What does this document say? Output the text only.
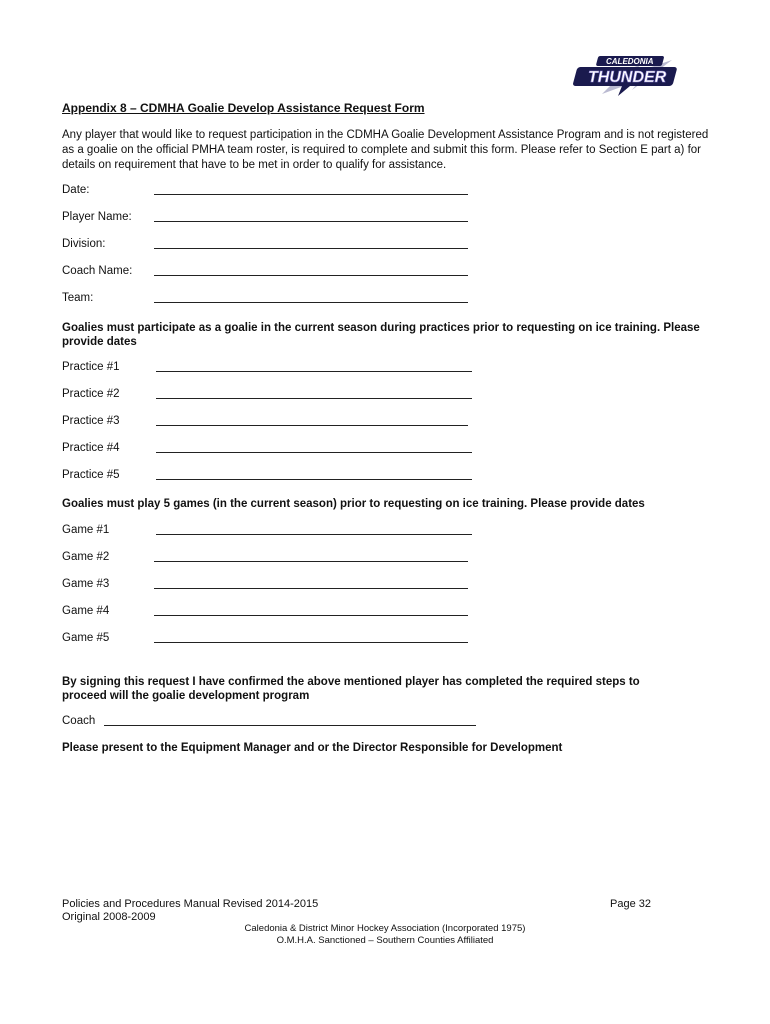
CALEDONIA
THUNDER
Appendix 8 – CDMHA Goalie Develop Assistance Request Form
Any player that would like to request participation in the CDMHA Goalie Development Assistance Program and is not registered as a goalie on the official PMHA team roster, is required to complete and submit this form. Please refer to Section E part a) for details on requirement that have to be met in order to qualify for assistance.
Date:
Player Name:
Division:
Coach Name:
Team:
Goalies must participate as a goalie in the current season during practices prior to requesting on ice training. Please provide dates
Practice #1
Practice #2
Practice #3
Practice #4
Practice #5
Goalies must play 5 games (in the current season) prior to requesting on ice training. Please provide dates
Game #1
Game #2
Game #3
Game #4
Game #5
By signing this request I have confirmed the above mentioned player has completed the required steps to proceed will the goalie development program
Coach
Please present to the Equipment Manager and or the Director Responsible for Development
Policies and Procedures Manual Revised 2014-2015
Original 2008-2009
Page 32
Caledonia & District Minor Hockey Association (Incorporated 1975)
O.M.H.A. Sanctioned – Southern Counties Affiliated
